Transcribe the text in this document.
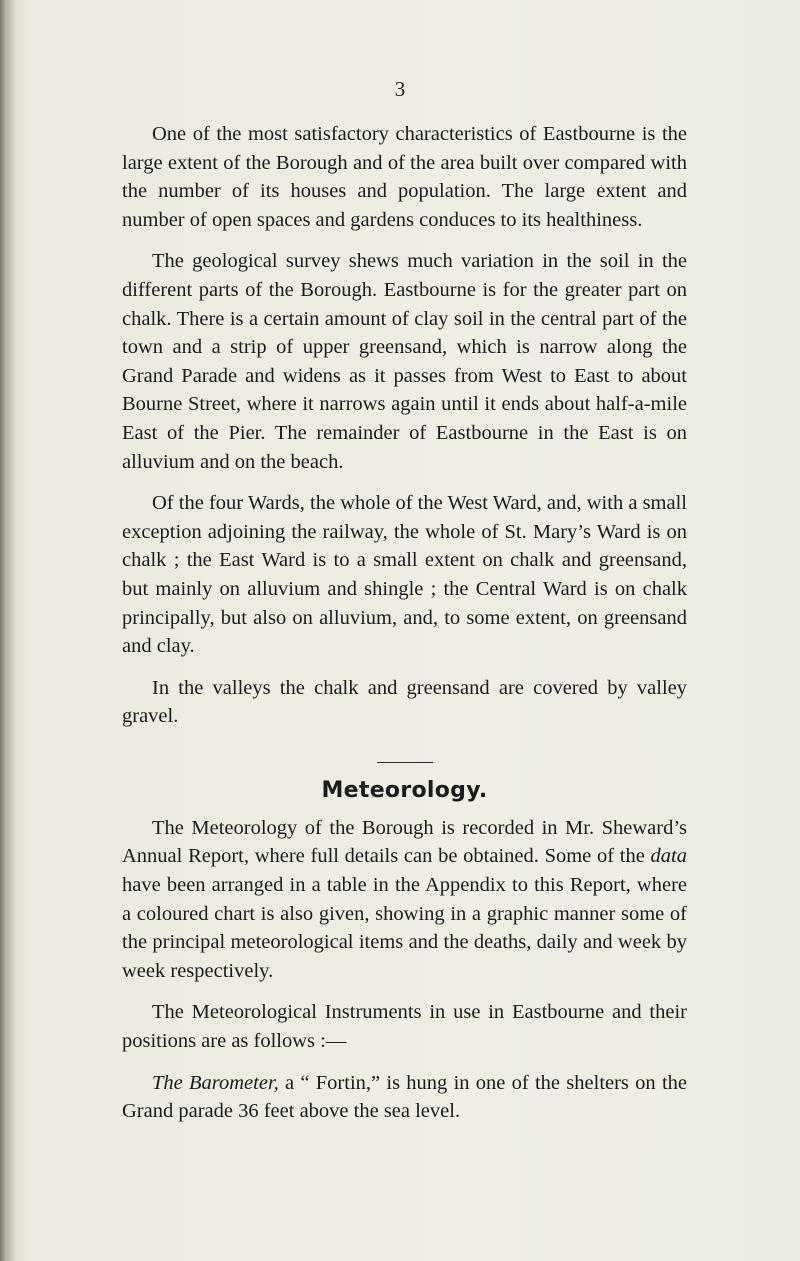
3

One of the most satisfactory characteristics of Eastbourne is the large extent of the Borough and of the area built over compared with the number of its houses and population. The large extent and number of open spaces and gardens conduces to its healthiness.

The geological survey shews much variation in the soil in the different parts of the Borough. Eastbourne is for the greater part on chalk. There is a certain amount of clay soil in the central part of the town and a strip of upper greensand, which is narrow along the Grand Parade and widens as it passes from West to East to about Bourne Street, where it narrows again until it ends about half-a-mile East of the Pier. The remainder of Eastbourne in the East is on alluvium and on the beach.

Of the four Wards, the whole of the West Ward, and, with a small exception adjoining the railway, the whole of St. Mary’s Ward is on chalk ; the East Ward is to a small extent on chalk and greensand, but mainly on alluvium and shingle ; the Central Ward is on chalk principally, but also on alluvium, and, to some extent, on greensand and clay.

In the valleys the chalk and greensand are covered by valley gravel.

Meteorology.

The Meteorology of the Borough is recorded in Mr. Sheward’s Annual Report, where full details can be obtained. Some of the data have been arranged in a table in the Appendix to this Report, where a coloured chart is also given, showing in a graphic manner some of the principal meteorological items and the deaths, daily and week by week respectively.

The Meteorological Instruments in use in Eastbourne and their positions are as follows :—

The Barometer, a “ Fortin,” is hung in one of the shelters on the Grand parade 36 feet above the sea level.
